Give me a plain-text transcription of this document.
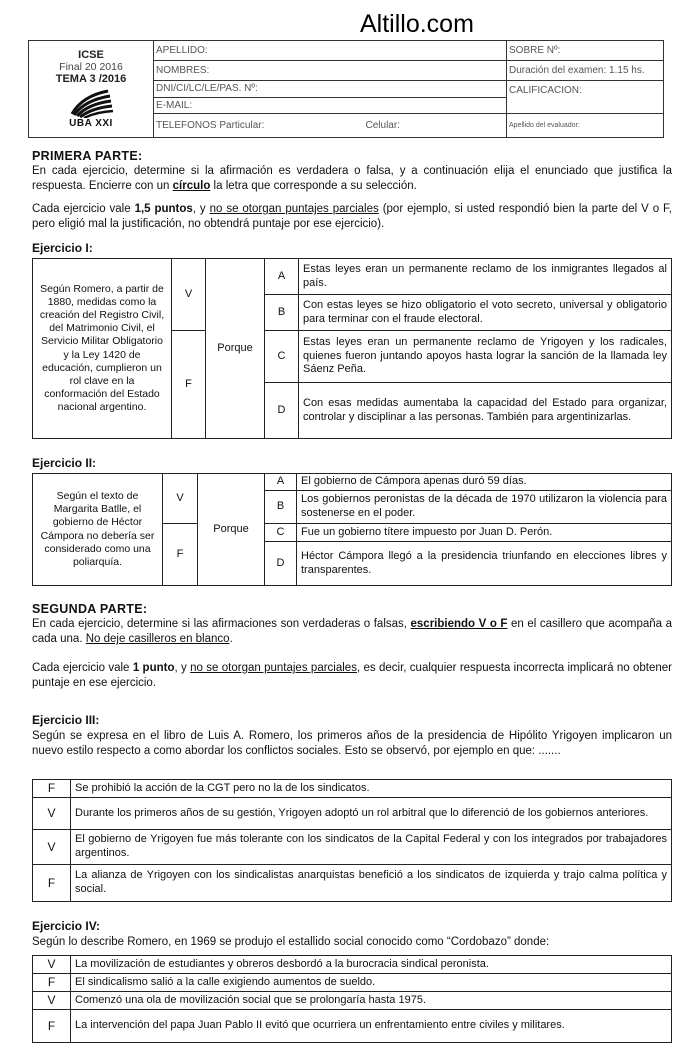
Altillo.com
ICSE
Final 20 2016
TEMA 3 /2016
UBA XXI	APELLIDO:		SOBRE Nº:
	NOMBRES:		Duración del examen: 1.15 hs.
	DNI/CI/LC/LE/PAS. Nº:		CALIFICACION:
	E-MAIL:		
	TELEFONOS Particular:	Celular:	Apellido del evaluador:
PRIMERA PARTE:
En cada ejercicio, determine si la afirmación es verdadera o falsa, y a continuación elija el enunciado que justifica la respuesta. Encierre con un círculo la letra que corresponde a su selección.
Cada ejercicio vale 1,5 puntos, y no se otorgan puntajes parciales (por ejemplo, si usted respondió bien la parte del V o F, pero eligió mal la justificación, no obtendrá puntaje por ese ejercicio).
Ejercicio I:
Según Romero, a partir de 1880, medidas como la creación del Registro Civil, del Matrimonio Civil, el Servicio Militar Obligatorio y la Ley 1420 de educación, cumplieron un rol clave en la conformación del Estado nacional argentino.	V	Porque	A	Estas leyes eran un permanente reclamo de los inmigrantes llegados al país.
			B	Con estas leyes se hizo obligatorio el voto secreto, universal y obligatorio para terminar con el fraude electoral.
	F		C	Estas leyes eran un permanente reclamo de Yrigoyen y los radicales, quienes fueron juntando apoyos hasta lograr la sanción de la llamada ley Sáenz Peña.
			D	Con esas medidas aumentaba la capacidad del Estado para organizar, controlar y disciplinar a las personas. También para argentinizarlas.
Ejercicio II:
Según el texto de Margarita Batlle, el gobierno de Héctor Cámpora no debería ser considerado como una poliarquía.	V	Porque	A	El gobierno de Cámpora apenas duró 59 días.
			B	Los gobiernos peronistas de la década de 1970 utilizaron la violencia para sostenerse en el poder.
	F		C	Fue un gobierno títere impuesto por Juan D. Perón.
			D	Héctor Cámpora llegó a la presidencia triunfando en elecciones libres y transparentes.
SEGUNDA PARTE:
En cada ejercicio, determine si las afirmaciones son verdaderas o falsas, escribiendo V o F en el casillero que acompaña a cada una. No deje casilleros en blanco.
Cada ejercicio vale 1 punto, y no se otorgan puntajes parciales, es decir, cualquier respuesta incorrecta implicará no obtener puntaje en ese ejercicio.
Ejercicio III:
Según se expresa en el libro de Luis A. Romero, los primeros años de la presidencia de Hipólito Yrigoyen implicaron un nuevo estilo respecto a como abordar los conflictos sociales. Esto se observó, por ejemplo en que: .......
F	Se prohibió la acción de la CGT pero no la de los sindicatos.
V	Durante los primeros años de su gestión, Yrigoyen adoptó un rol arbitral que lo diferenció de los gobiernos anteriores.
V	El gobierno de Yrigoyen fue más tolerante con los sindicatos de la Capital Federal y con los integrados por trabajadores argentinos.
F	La alianza de Yrigoyen con los sindicalistas anarquistas benefició a los sindicatos de izquierda y trajo calma política y social.
Ejercicio IV:
Según lo describe Romero, en 1969 se produjo el estallido social conocido como “Cordobazo” donde:
V	La movilización de estudiantes y obreros desbordó a la burocracia sindical peronista.
F	El sindicalismo salió a la calle exigiendo aumentos de sueldo.
V	Comenzó una ola de movilización social que se prolongaría hasta 1975.
F	La intervención del papa Juan Pablo II evitó que ocurriera un enfrentamiento entre civiles y militares.
